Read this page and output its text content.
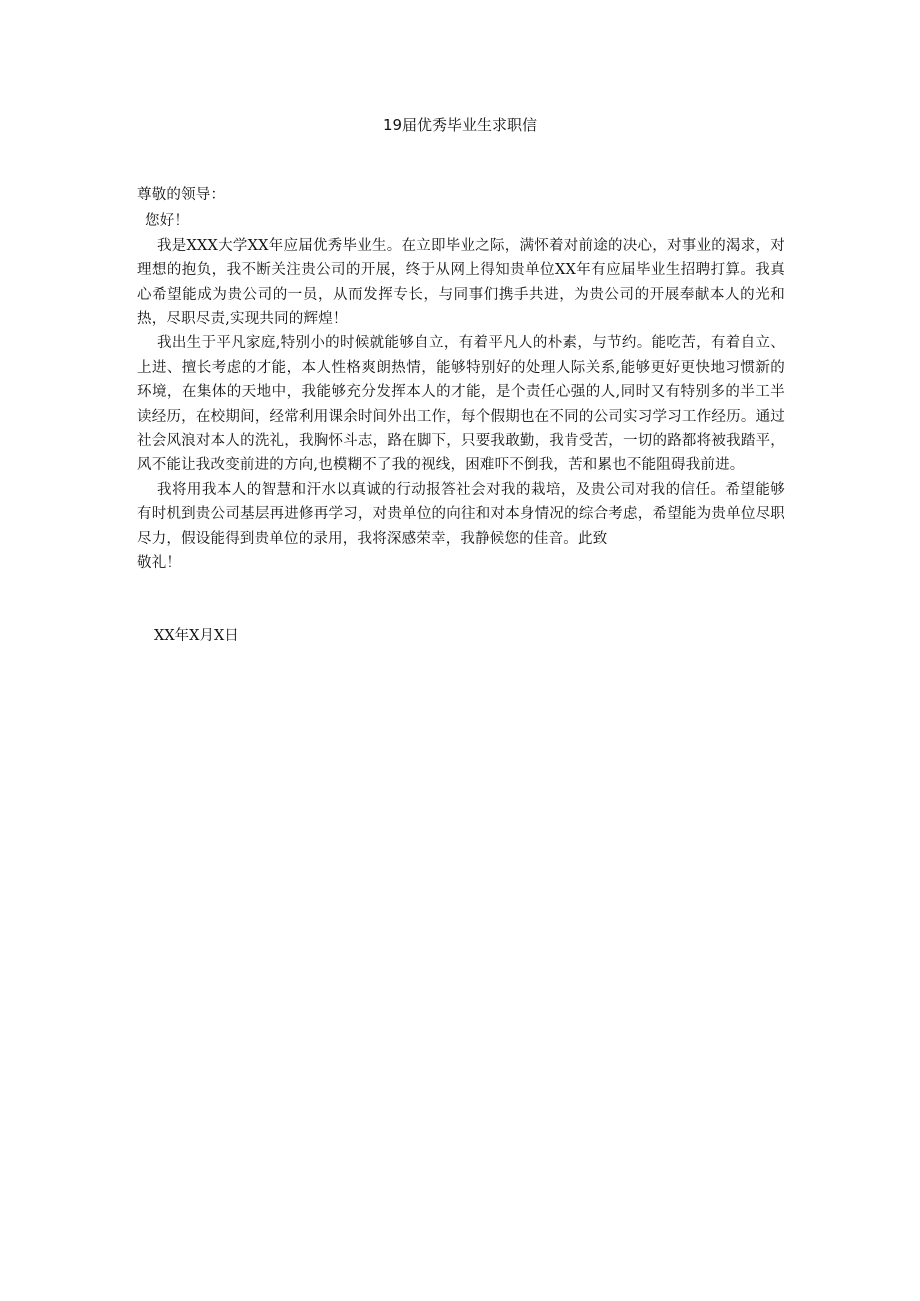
19届优秀毕业生求职信

尊敬的领导：

您好！

我是XXX大学XX年应届优秀毕业生。在立即毕业之际，满怀着对前途的决心，对事业的渴求，对理想的抱负，我不断关注贵公司的开展，终于从网上得知贵单位XX年有应届毕业生招聘打算。我真心希望能成为贵公司的一员，从而发挥专长，与同事们携手共进，为贵公司的开展奉献本人的光和热，尽职尽责,实现共同的辉煌！

我出生于平凡家庭,特别小的时候就能够自立，有着平凡人的朴素，与节约。能吃苦，有着自立、上进、擅长考虑的才能，本人性格爽朗热情，能够特别好的处理人际关系,能够更好更快地习惯新的环境，在集体的天地中，我能够充分发挥本人的才能，是个责任心强的人,同时又有特别多的半工半读经历，在校期间，经常利用课余时间外出工作，每个假期也在不同的公司实习学习工作经历。通过社会风浪对本人的洗礼，我胸怀斗志，路在脚下，只要我敢勤，我肯受苦，一切的路都将被我踏平，风不能让我改变前进的方向,也模糊不了我的视线，困难吓不倒我，苦和累也不能阻碍我前进。

我将用我本人的智慧和汗水以真诚的行动报答社会对我的栽培，及贵公司对我的信任。希望能够有时机到贵公司基层再进修再学习，对贵单位的向往和对本身情况的综合考虑，希望能为贵单位尽职尽力，假设能得到贵单位的录用，我将深感荣幸，我静候您的佳音。此致

敬礼！

XX年X月X日
